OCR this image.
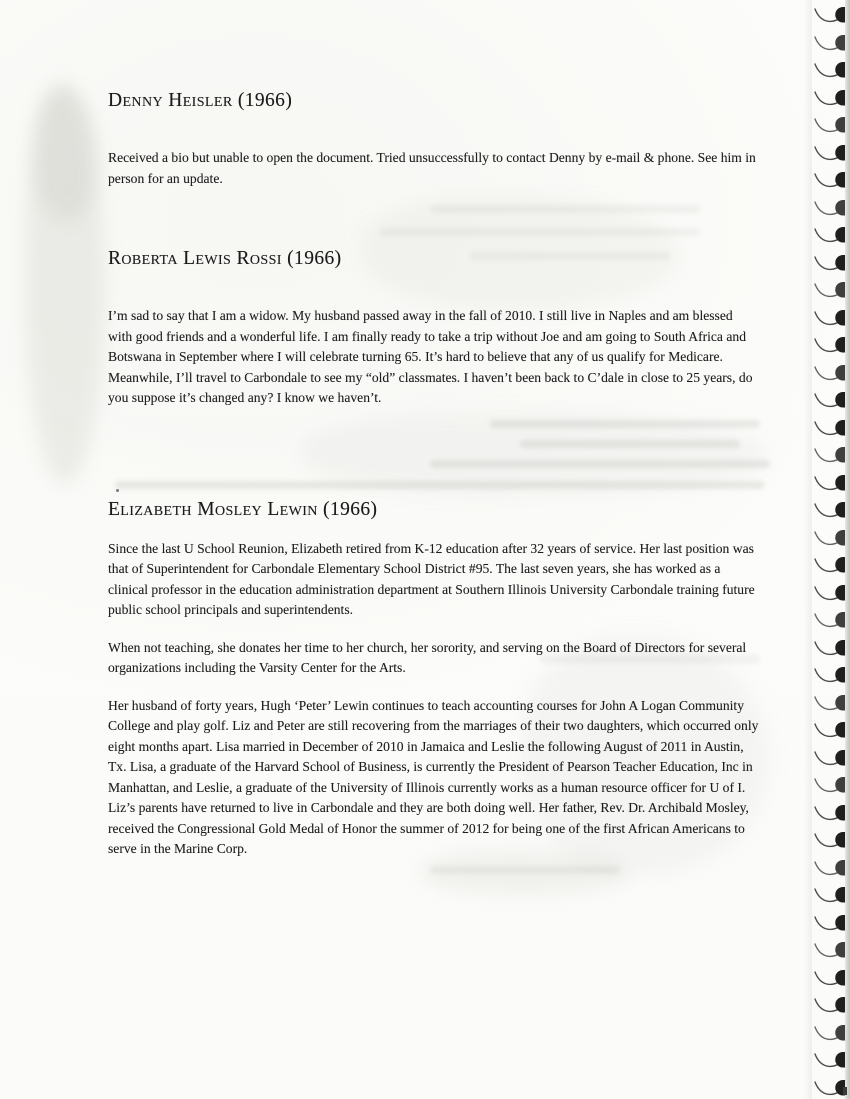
Denny Heisler (1966)

Received a bio but unable to open the document. Tried unsuccessfully to contact Denny by e-mail & phone. See him in person for an update.

Roberta Lewis Rossi (1966)

I’m sad to say that I am a widow. My husband passed away in the fall of 2010. I still live in Naples and am blessed with good friends and a wonderful life. I am finally ready to take a trip without Joe and am going to South Africa and Botswana in September where I will celebrate turning 65. It’s hard to believe that any of us qualify for Medicare. Meanwhile, I’ll travel to Carbondale to see my “old” classmates. I haven’t been back to C’dale in close to 25 years, do you suppose it’s changed any? I know we haven’t.

Elizabeth Mosley Lewin (1966)

Since the last U School Reunion, Elizabeth retired from K-12 education after 32 years of service. Her last position was that of Superintendent for Carbondale Elementary School District #95. The last seven years, she has worked as a clinical professor in the education administration department at Southern Illinois University Carbondale training future public school principals and superintendents.

When not teaching, she donates her time to her church, her sorority, and serving on the Board of Directors for several organizations including the Varsity Center for the Arts.

Her husband of forty years, Hugh ‘Peter’ Lewin continues to teach accounting courses for John A Logan Community College and play golf. Liz and Peter are still recovering from the marriages of their two daughters, which occurred only eight months apart. Lisa married in December of 2010 in Jamaica and Leslie the following August of 2011 in Austin, Tx. Lisa, a graduate of the Harvard School of Business, is currently the President of Pearson Teacher Education, Inc in Manhattan, and Leslie, a graduate of the University of Illinois currently works as a human resource officer for U of I. Liz’s parents have returned to live in Carbondale and they are both doing well. Her father, Rev. Dr. Archibald Mosley, received the Congressional Gold Medal of Honor the summer of 2012 for being one of the first African Americans to serve in the Marine Corp.
